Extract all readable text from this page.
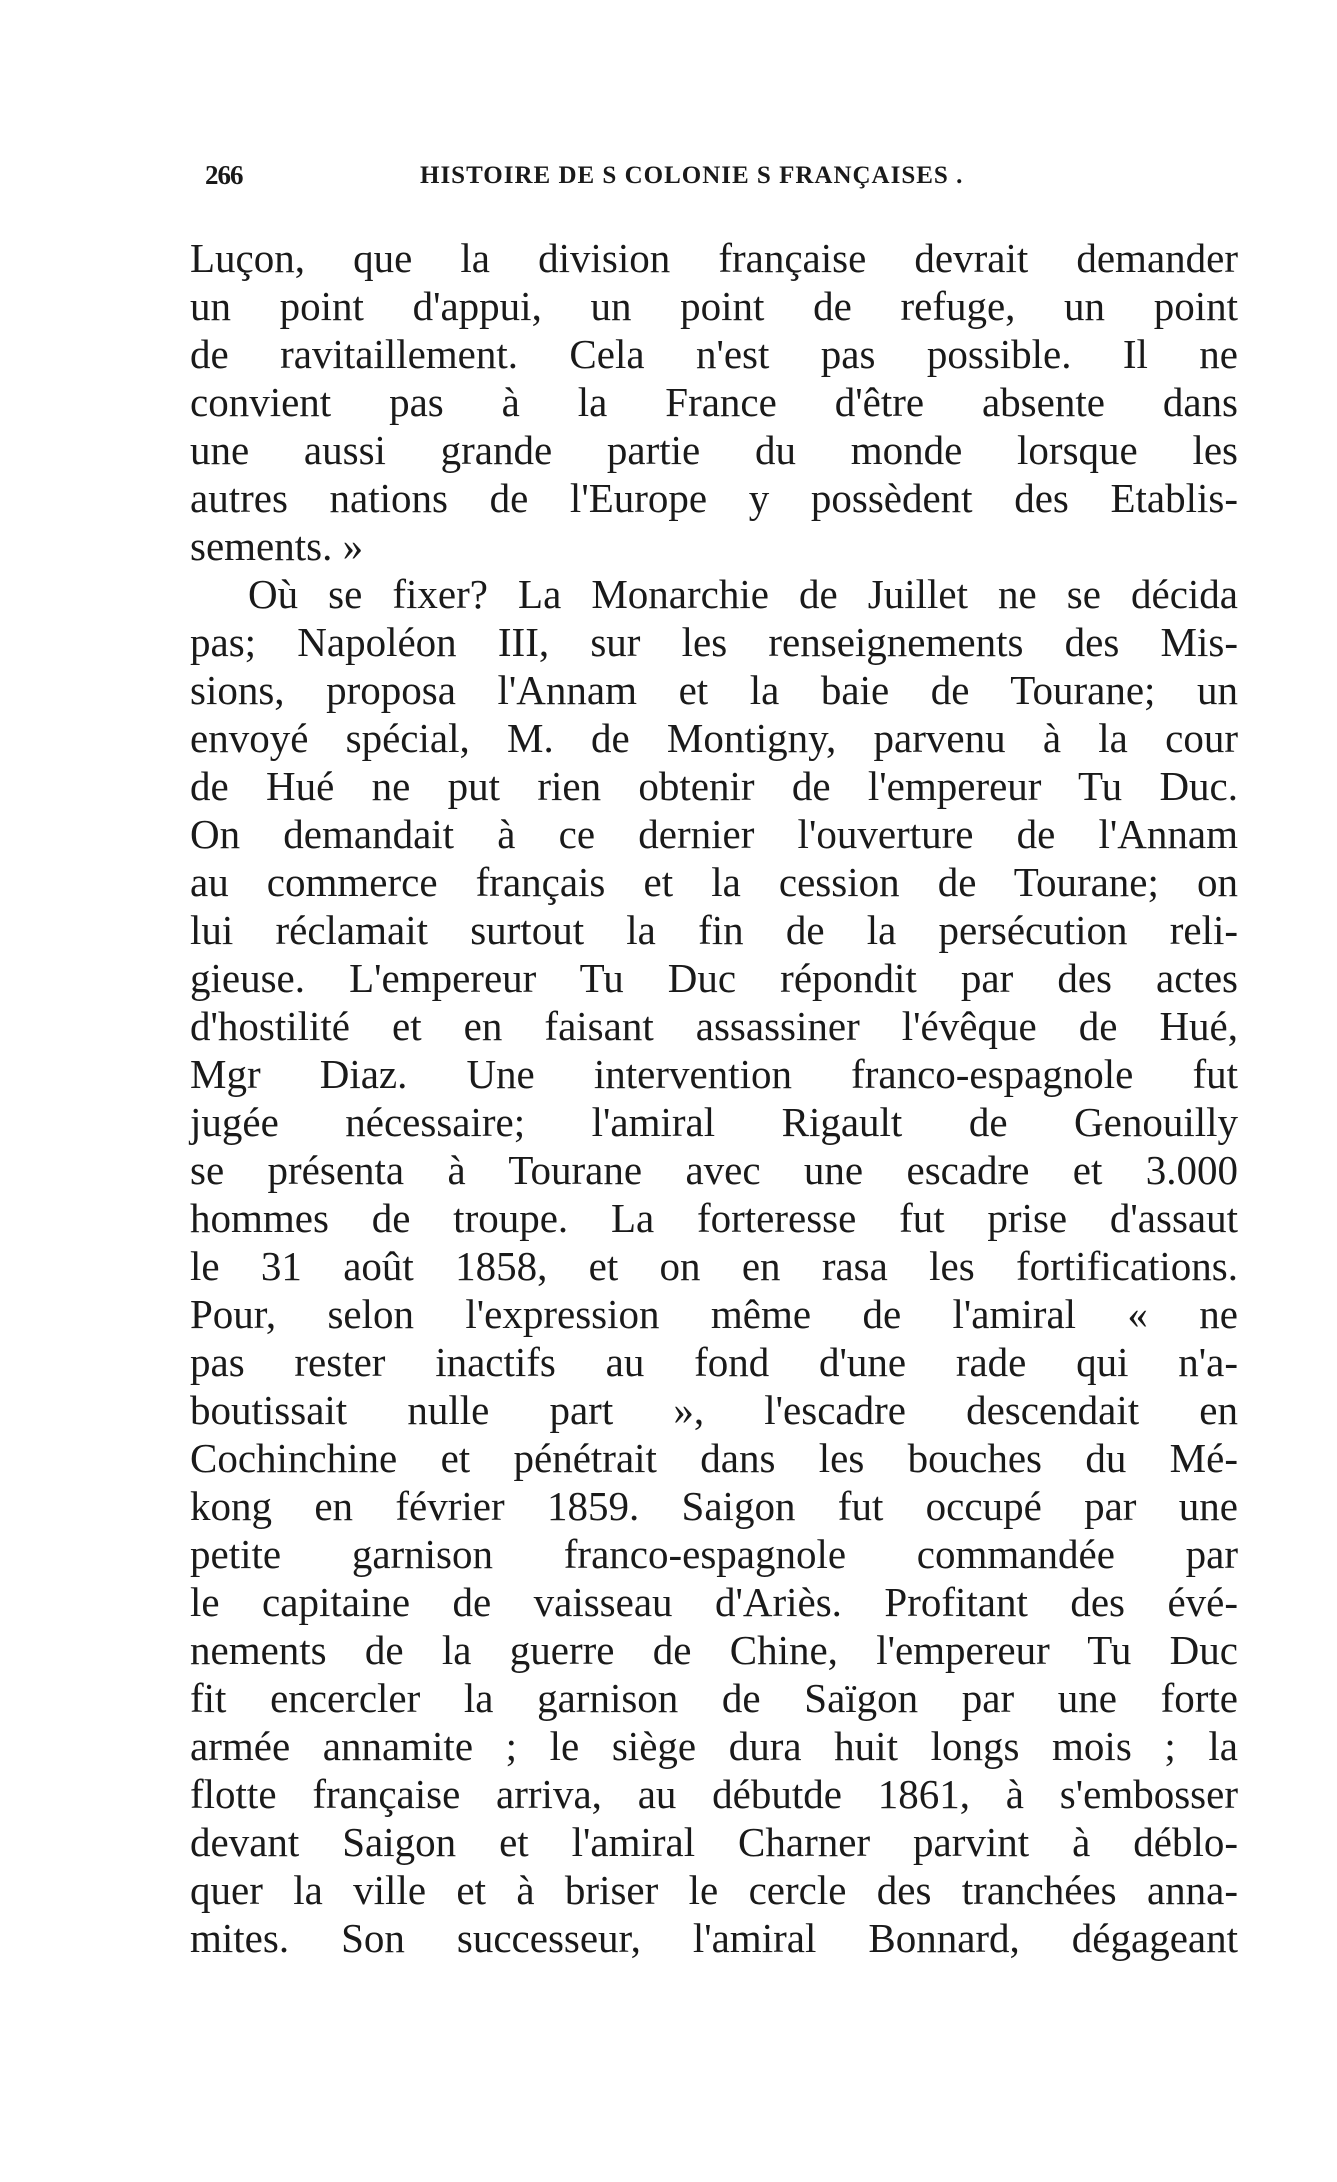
266	HISTOIRE DE S COLONIE S FRANÇAISES .
Luçon, que la division française devrait demander
un point d'appui, un point de refuge, un point
de ravitaillement. Cela n'est pas possible. Il ne
convient pas à la France d'être absente dans
une aussi grande partie du monde lorsque les
autres nations de l'Europe y possèdent des Etablis-
sements. »
Où se fixer? La Monarchie de Juillet ne se décida
pas; Napoléon III, sur les renseignements des Mis-
sions, proposa l'Annam et la baie de Tourane; un
envoyé spécial, M. de Montigny, parvenu à la cour
de Hué ne put rien obtenir de l'empereur Tu Duc.
On demandait à ce dernier l'ouverture de l'Annam
au commerce français et la cession de Tourane; on
lui réclamait surtout la fin de la persécution reli-
gieuse. L'empereur Tu Duc répondit par des actes
d'hostilité et en faisant assassiner l'évêque de Hué,
Mgr Diaz. Une intervention franco-espagnole fut
jugée nécessaire; l'amiral Rigault de Genouilly
se présenta à Tourane avec une escadre et 3.000
hommes de troupe. La forteresse fut prise d'assaut
le 31 août 1858, et on en rasa les fortifications.
Pour, selon l'expression même de l'amiral « ne
pas rester inactifs au fond d'une rade qui n'a-
boutissait nulle part », l'escadre descendait en
Cochinchine et pénétrait dans les bouches du Mé-
kong en février 1859. Saigon fut occupé par une
petite garnison franco-espagnole commandée par
le capitaine de vaisseau d'Ariès. Profitant des évé-
nements de la guerre de Chine, l'empereur Tu Duc
fit encercler la garnison de Saïgon par une forte
armée annamite ; le siège dura huit longs mois ; la
flotte française arriva, au débutde 1861, à s'embosser
devant Saigon et l'amiral Charner parvint à déblo-
quer la ville et à briser le cercle des tranchées anna-
mites. Son successeur, l'amiral Bonnard, dégageant
